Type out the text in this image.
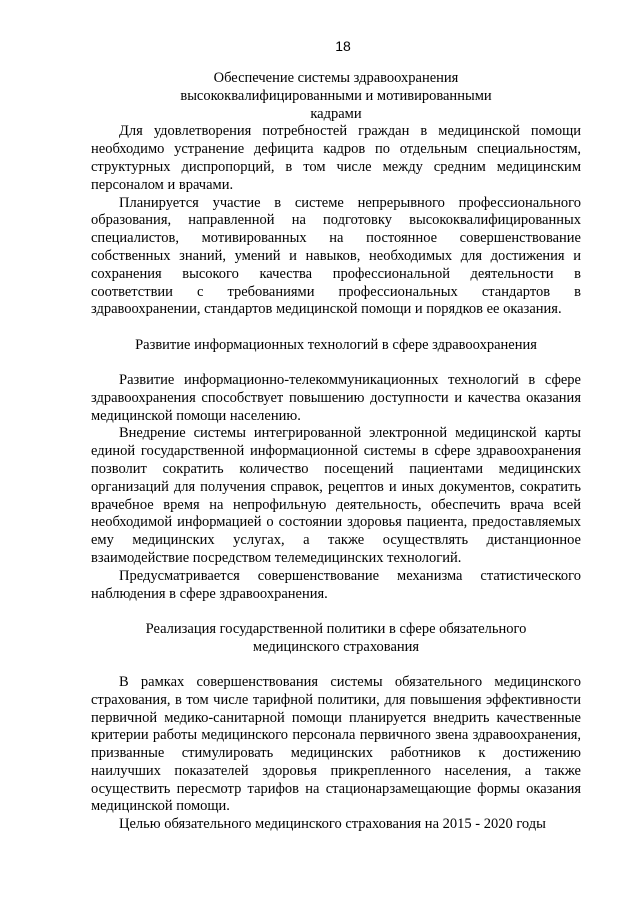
18

Обеспечение системы здравоохранения высококвалифицированными и мотивированными кадрами

Для удовлетворения потребностей граждан в медицинской помощи необходимо устранение дефицита кадров по отдельным специальностям, структурных диспропорций, в том числе между средним медицинским персоналом и врачами.

Планируется участие в системе непрерывного профессионального образования, направленной на подготовку высококвалифицированных специалистов, мотивированных на постоянное совершенствование собственных знаний, умений и навыков, необходимых для достижения и сохранения высокого качества профессиональной деятельности в соответствии с требованиями профессиональных стандартов в здравоохранении, стандартов медицинской помощи и порядков ее оказания.

Развитие информационных технологий в сфере здравоохранения

Развитие информационно-телекоммуникационных технологий в сфере здравоохранения способствует повышению доступности и качества оказания медицинской помощи населению.

Внедрение системы интегрированной электронной медицинской карты единой государственной информационной системы в сфере здравоохранения позволит сократить количество посещений пациентами медицинских организаций для получения справок, рецептов и иных документов, сократить врачебное время на непрофильную деятельность, обеспечить врача всей необходимой информацией о состоянии здоровья пациента, предоставляемых ему медицинских услугах, а также осуществлять дистанционное взаимодействие посредством телемедицинских технологий.

Предусматривается совершенствование механизма статистического наблюдения в сфере здравоохранения.

Реализация государственной политики в сфере обязательного медицинского страхования

В рамках совершенствования системы обязательного медицинского страхования, в том числе тарифной политики, для повышения эффективности первичной медико-санитарной помощи планируется внедрить качественные критерии работы медицинского персонала первичного звена здравоохранения, призванные стимулировать медицинских работников к достижению наилучших показателей здоровья прикрепленного населения, а также осуществить пересмотр тарифов на стационарзамещающие формы оказания медицинской помощи.

Целью обязательного медицинского страхования на 2015 - 2020 годы
